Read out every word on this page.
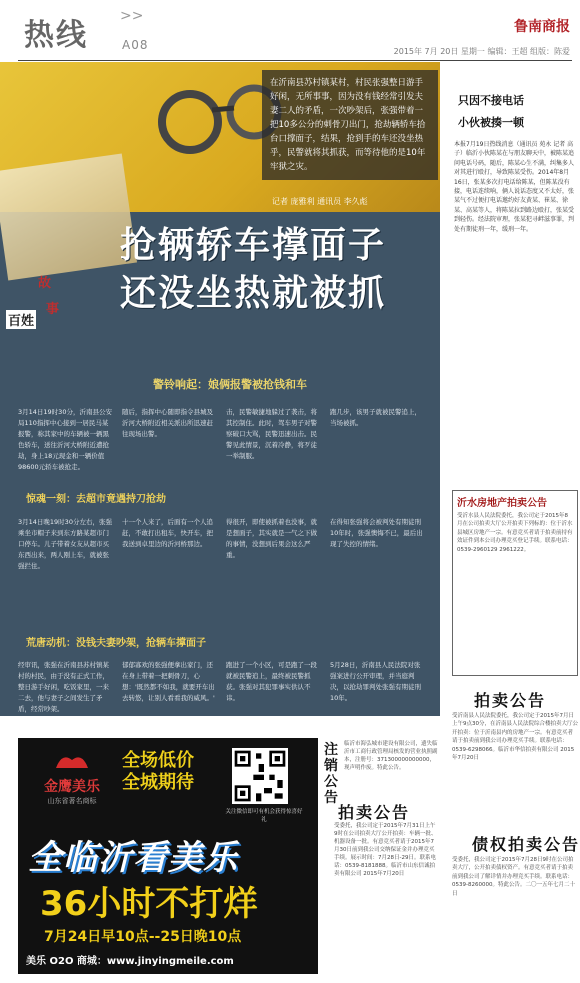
热线
>>
A08
鲁南商报
2015年 7月 20日 星期一 编辑：王超 组版：陈爱
在沂南县苏村镇某村，村民张强整日游手好闲，无所事事，因为没有钱经常引发夫妻二人的矛盾，一次吵架后，张强带着一把10多公分的刺骨刀出门，抢劫辆轿车拾台口撑面子，结果，抢到手的车还没坐热乎，民警就将其抓获，而等待他的是10年牢狱之灾。
记者 庞雅利 通讯员 李久彪
抢辆轿车撑面子
还没坐热就被抓
故
事
百姓
警铃响起：娘俩报警被抢钱和车
3月14日19时30分，沂南县公安局110指挥中心接到一居民马某报警，称其家中的车辆被一辆黑色轿车，送往沂河大桥附近遭抢劫，身上18元现金和一辆价值98600元轿车被抢走。
随后，指挥中心随即指令县城及沂河大桥附近相关派出所迅速赶往现场出警。
击，民警敏捷地躲过了袭击，将其控制住。此时，驾车男子对警察破口大骂，民警迅速出击。民警见此情景，沉着冷静，将歹徒一举制服。
跑几步，该男子就被民警追上，当场被抓。
惊魂一刻：去超市竟遇持刀抢劫
3月14日晚19时30分左右，张强乘坐市帽子来到东方路某超市门口停车。儿子带着女友从超市买东西出来，两人刚上车，就被张强拦住。
十一个人来了，后面有一个人追赶，不敢打出租车，快开车，把我送到卓里边的沂河桥那边。
得很开，即使被抓着也没事，就是想面子，其实就是一气之下做的事情，没想到后果会这么严重。
在得知张强将会被判处有期徒刑10年时，张强懊悔不已，最后出现了失控的情绪。
荒唐动机：没钱夫妻吵架，抢辆车撑面子
经审讯，张强在沂南县苏村镇某村的村民，由于没有正式工作，整日游手好闲，吃饭家里，一来二去，他与妻子之间发生了矛盾，经常吵架。
郁郁寡欢的张强便拿出家门，还在身上带着一把刺骨刀，心想：'既然都不如我，就要开车出去转悠，让别人看看我的威风。'
跑进了一个小区，可是跑了一段就被民警追上，最终被民警抓获。张强对其犯罪事实供认不讳。
5月28日，沂南县人民法院对张强案进行公开审理，并当庭判决，以抢劫罪判处张强有期徒刑10年。
只因不接电话
小伙被揍一顿
本报7月19日热线消息（通讯员 苑永 记者 高子）临沂小伙陈某在与朋友聊天中，被陈某追问电话号码，随后，陈某心生不满，纠集多人对其进行殴打，导致陈某受伤。2014年8月16日，张某多次打电话给陈某，但陈某没有接，电话连续响，俩人说话态度又不太好，张某气不过便打电话邀约好友黄某、崔某、徐某、高某等人，将陈某拉到路边殴打，张某受到轻伤。经法院审理，张某犯寻衅滋事罪，判处有期徒刑一年，缓刑一年。
沂水房地产拍卖公告
受沂水县人民法院委托，我公司定于2015年8月在公司拍卖大厅公开拍卖下列标的：位于沂水县城区房地产一宗。有意竞买者请于拍卖前持有效证件到本公司办理竞买登记手续。联系电话：0539-2960129 2961222。
拍卖公告
受沂南县人民法院委托，我公司定于2015年7月日上午9点30分，在沂南县人民法院综合楼拍卖大厅公开拍卖：位于沂南县内的房地产一宗。有意竞买者请于拍卖前到我公司办理竞买手续。联系电话：0539-6298066。临沂市华信拍卖有限公司 2015年7月20日
债权拍卖公告
受委托，我公司定于2015年7月28日9时在公司拍卖大厅，公开拍卖债权资产。有意竞买者请于拍卖前到我公司了解详情并办理竞买手续。联系电话：0539-8260000。特此公告。二〇一五年七月二十日
金鹰美乐
山东省著名商标
全场低价
全城期待
关注微信即可有机会获得惊喜好礼
全临沂看美乐
36小时不打烊
7月24日早10点--25日晚10点
美乐 O2O 商城：www.jinyingmeile.com
注销公告
临沂市海弘城市建设有限公司，遗失临沂市工商行政管理局核发的营业执照副本，注册号：371300000000000，现声明作废。特此公告。
拍卖公告
受委托，我公司定于2015年7月31日上午9时在公司拍卖大厅公开拍卖：车辆一批、机器设备一批。有意竞买者请于2015年7月30日前到我公司交纳保证金并办理竞买手续。展示时间：7月28日-29日。联系电话：0539-8181888。临沂市山东信诚拍卖有限公司 2015年7月20日
